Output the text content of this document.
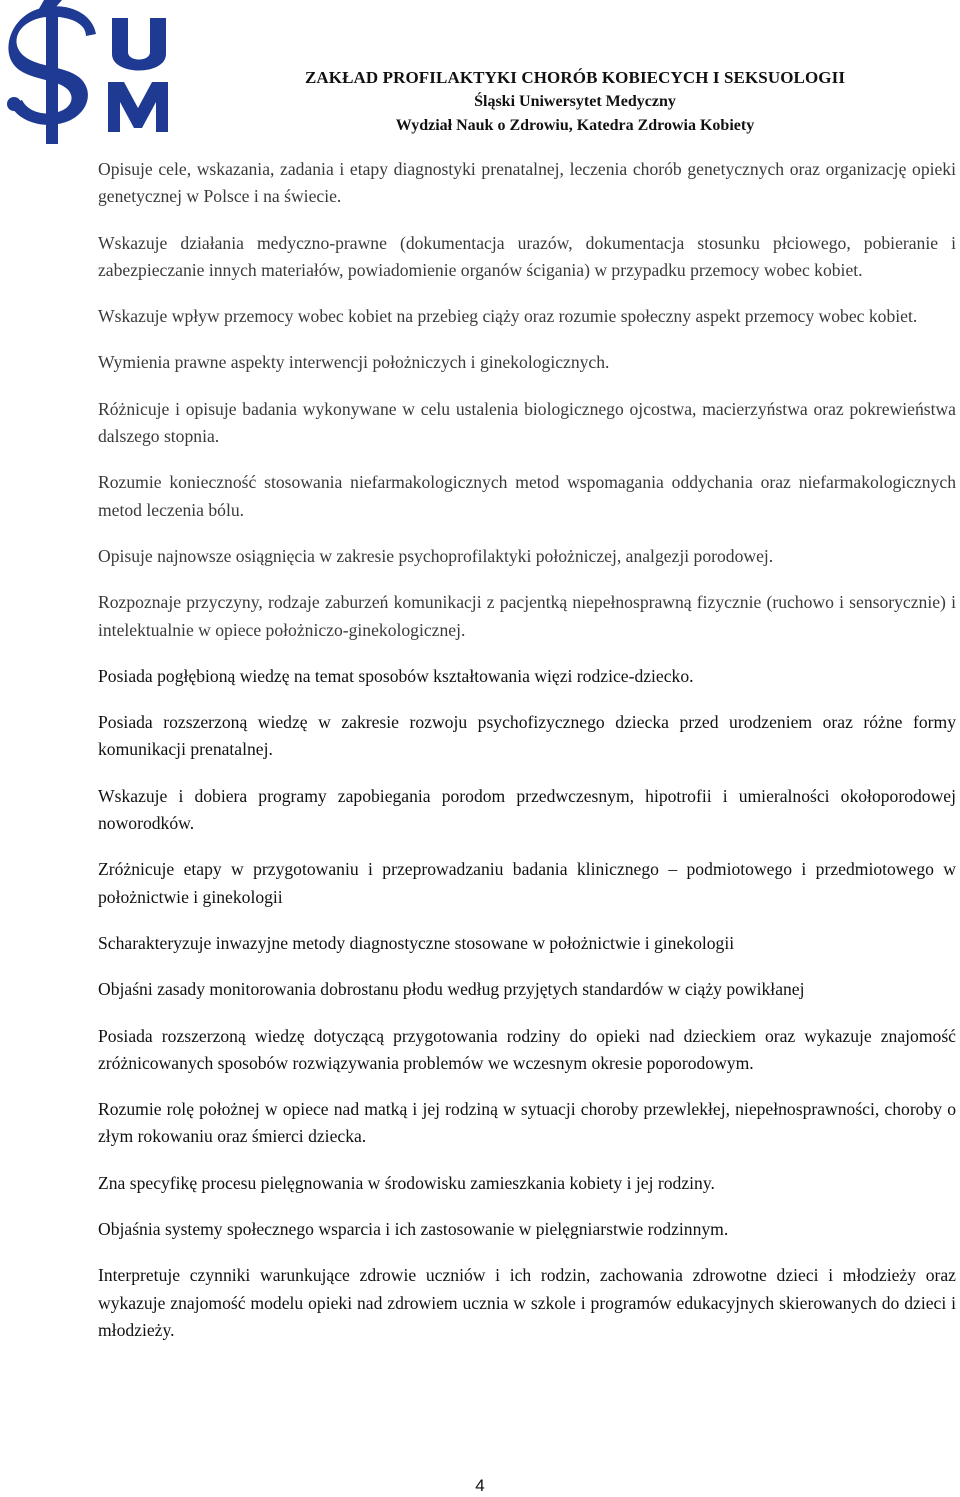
ZAKŁAD PROFILAKTYKI CHORÓB KOBIECYCH I SEKSUOLOGII
Śląski Uniwersytet Medyczny
Wydział Nauk o Zdrowiu, Katedra Zdrowia Kobiety

Opisuje cele, wskazania, zadania i etapy diagnostyki prenatalnej, leczenia chorób genetycznych oraz organizację opieki genetycznej w Polsce i na świecie.

Wskazuje działania medyczno-prawne (dokumentacja urazów, dokumentacja stosunku płciowego, pobieranie i zabezpieczanie innych materiałów, powiadomienie organów ścigania) w przypadku przemocy wobec kobiet.

Wskazuje wpływ przemocy wobec kobiet na przebieg ciąży oraz rozumie społeczny aspekt przemocy wobec kobiet.

Wymienia prawne aspekty interwencji położniczych i ginekologicznych.

Różnicuje i opisuje badania wykonywane w celu ustalenia biologicznego ojcostwa, macierzyństwa oraz pokrewieństwa dalszego stopnia.

Rozumie konieczność stosowania niefarmakologicznych metod wspomagania oddychania oraz niefarmakologicznych metod leczenia bólu.

Opisuje najnowsze osiągnięcia w zakresie psychoprofilaktyki położniczej, analgezji porodowej.

Rozpoznaje przyczyny, rodzaje zaburzeń komunikacji z pacjentką niepełnosprawną fizycznie (ruchowo i sensorycznie) i intelektualnie w opiece położniczo-ginekologicznej.

Posiada pogłębioną wiedzę na temat sposobów kształtowania więzi rodzice-dziecko.

Posiada rozszerzoną wiedzę w zakresie rozwoju psychofizycznego dziecka przed urodzeniem oraz różne formy komunikacji prenatalnej.

Wskazuje i dobiera programy zapobiegania porodom przedwczesnym, hipotrofii i umieralności okołoporodowej noworodków.

Zróżnicuje etapy w przygotowaniu i przeprowadzaniu badania klinicznego – podmiotowego i przedmiotowego w położnictwie i ginekologii

Scharakteryzuje inwazyjne metody diagnostyczne stosowane w położnictwie i ginekologii

Objaśni zasady monitorowania dobrostanu płodu według przyjętych standardów w ciąży powikłanej

Posiada rozszerzoną wiedzę dotyczącą przygotowania rodziny do opieki nad dzieckiem oraz wykazuje znajomość zróżnicowanych sposobów rozwiązywania problemów we wczesnym okresie poporodowym.

Rozumie rolę położnej w opiece nad matką i jej rodziną w sytuacji choroby przewlekłej, niepełnosprawności, choroby o złym rokowaniu oraz śmierci dziecka.

Zna specyfikę procesu pielęgnowania w środowisku zamieszkania kobiety i jej rodziny.

Objaśnia systemy społecznego wsparcia i ich zastosowanie w pielęgniarstwie rodzinnym.

Interpretuje czynniki warunkujące zdrowie uczniów i ich rodzin, zachowania zdrowotne dzieci i młodzieży oraz wykazuje znajomość modelu opieki nad zdrowiem ucznia w szkole i programów edukacyjnych skierowanych do dzieci i młodzieży.

4
